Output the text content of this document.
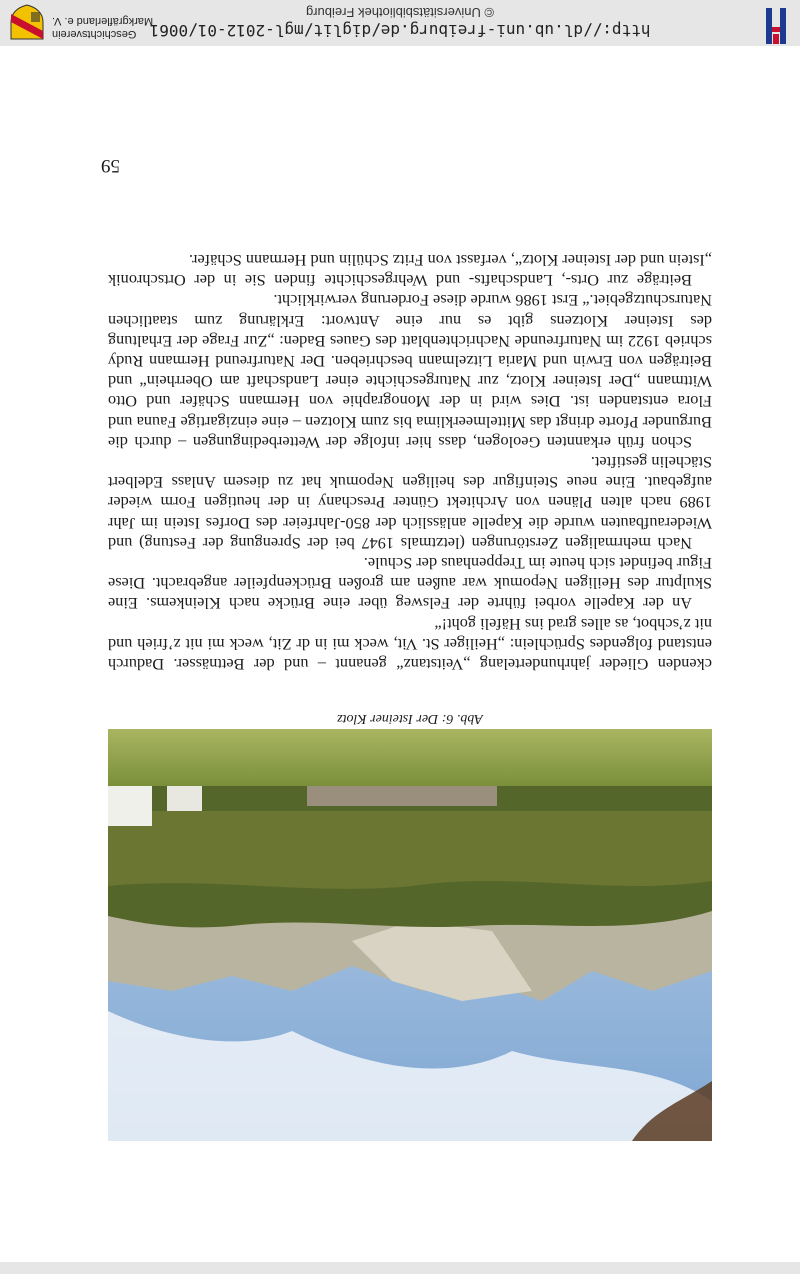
Abb. 6: Der Isteiner Klotz

ckenden Glieder jahrhundertelang „Veitstanz“ genannt – und der Bettnässer. Dadurch entstand folgendes Sprüchlein: „Heiliger St. Vit, weck mi in dr Zit, weck mi nit z’frieh und nit z’schbot, as alles grad ins Häfeli goht!“

An der Kapelle vorbei führte der Felsweg über eine Brücke nach Kleinkems. Eine Skulptur des Heiligen Nepomuk war außen am großen Brückenpfeiler angebracht. Diese Figur befindet sich heute im Treppenhaus der Schule.

Nach mehrmaligen Zerstörungen (letztmals 1947 bei der Sprengung der Festung) und Wiederaufbauten wurde die Kapelle anlässlich der 850-Jahrfeier des Dorfes Istein im Jahr 1989 nach alten Plänen von Architekt Günter Preschany in der heutigen Form wieder aufgebaut. Eine neue Steinfigur des heiligen Nepomuk hat zu diesem Anlass Edelbert Stächelin gestiftet.

Schon früh erkannten Geologen, dass hier infolge der Wetterbedingungen – durch die Burgunder Pforte dringt das Mittelmeerklima bis zum Klotzen – eine einzigartige Fauna und Flora entstanden ist. Dies wird in der Monographie von Hermann Schäfer und Otto Wittmann „Der Isteiner Klotz, zur Naturgeschichte einer Landschaft am Oberrhein“ und Beiträgen von Erwin und Maria Litzelmann beschrieben. Der Naturfreund Hermann Rudy schrieb 1922 im Naturfreunde Nachrichtenblatt des Gaues Baden: „Zur Frage der Erhaltung des Isteiner Klotzens gibt es nur eine Antwort: Erklärung zum staatlichen Naturschutzgebiet.“ Erst 1986 wurde diese Forderung verwirklicht.

Beiträge zur Orts-, Landschafts- und Wehrgeschichte finden Sie in der Ortschronik „Istein und der Isteiner Klotz“, verfasst von Fritz Schülin und Hermann Schäfer.

59
http://dl.ub.uni-freiburg.de/diglit/mgl-2012-01/0061
© Universitätsbibliothek Freiburg
Geschichtsverein
Markgräflerland e. V.
